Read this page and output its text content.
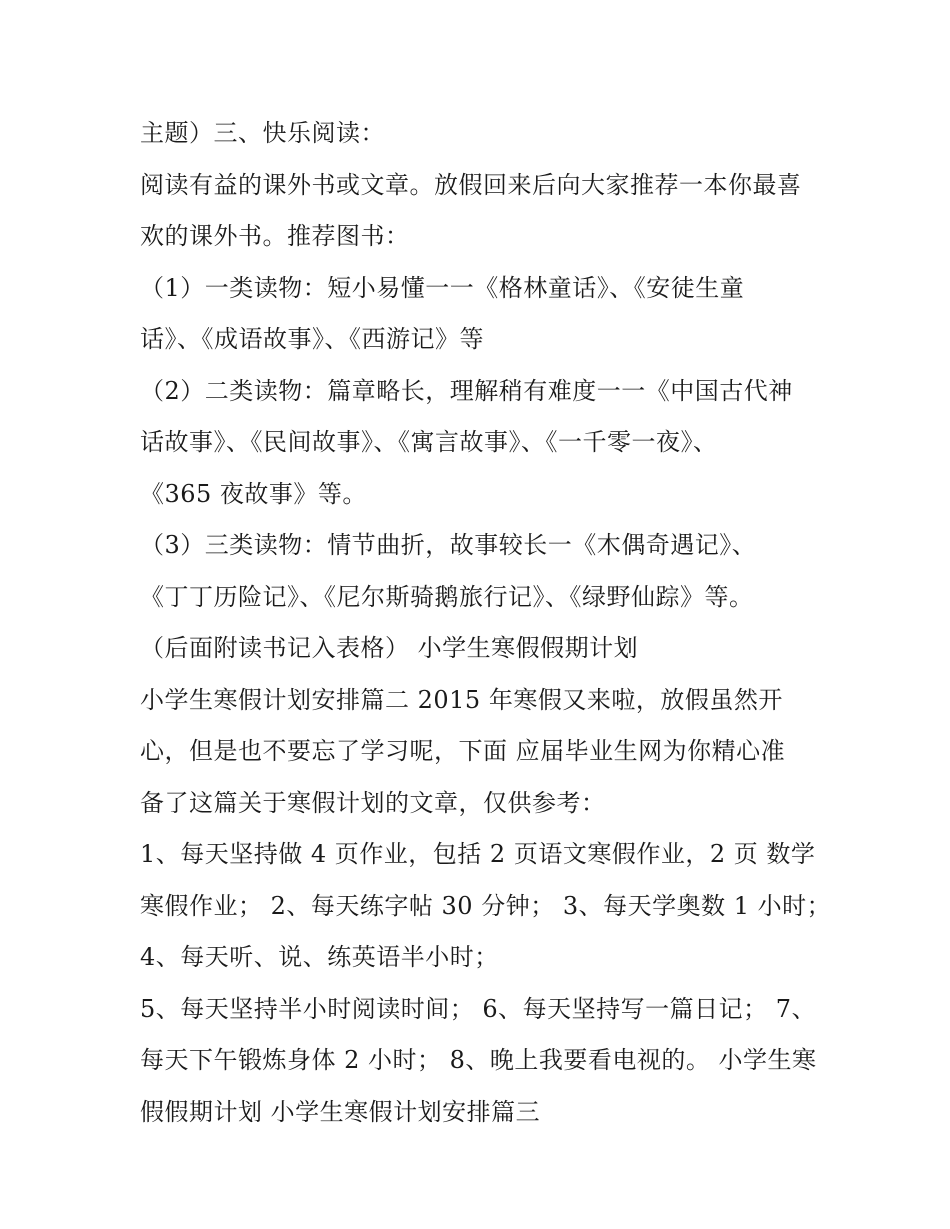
主题）三、快乐阅读：
阅读有益的课外书或文章。放假回来后向大家推荐一本你最喜
欢的课外书。推荐图书：
（1）一类读物：短小易懂一一《格林童话》、《安徒生童
话》、《成语故事》、《西游记》等
（2）二类读物：篇章略长，理解稍有难度一一《中国古代神
话故事》、《民间故事》、《寓言故事》、《一千零一夜》、
《365 夜故事》等。
（3）三类读物：情节曲折，故事较长一《木偶奇遇记》、
《丁丁历险记》、《尼尔斯骑鹅旅行记》、《绿野仙踪》等。
（后面附读书记入表格） 小学生寒假假期计划
小学生寒假计划安排篇二 2015 年寒假又来啦，放假虽然开
心，但是也不要忘了学习呢，下面 应届毕业生网为你精心准
备了这篇关于寒假计划的文章，仅供参考：
1、每天坚持做 4 页作业，包括 2 页语文寒假作业，2 页 数学
寒假作业； 2、每天练字帖 30 分钟； 3、每天学奥数 1 小时；
4、每天听、说、练英语半小时；
5、每天坚持半小时阅读时间； 6、每天坚持写一篇日记； 7、
每天下午锻炼身体 2 小时； 8、晚上我要看电视的。 小学生寒
假假期计划 小学生寒假计划安排篇三
